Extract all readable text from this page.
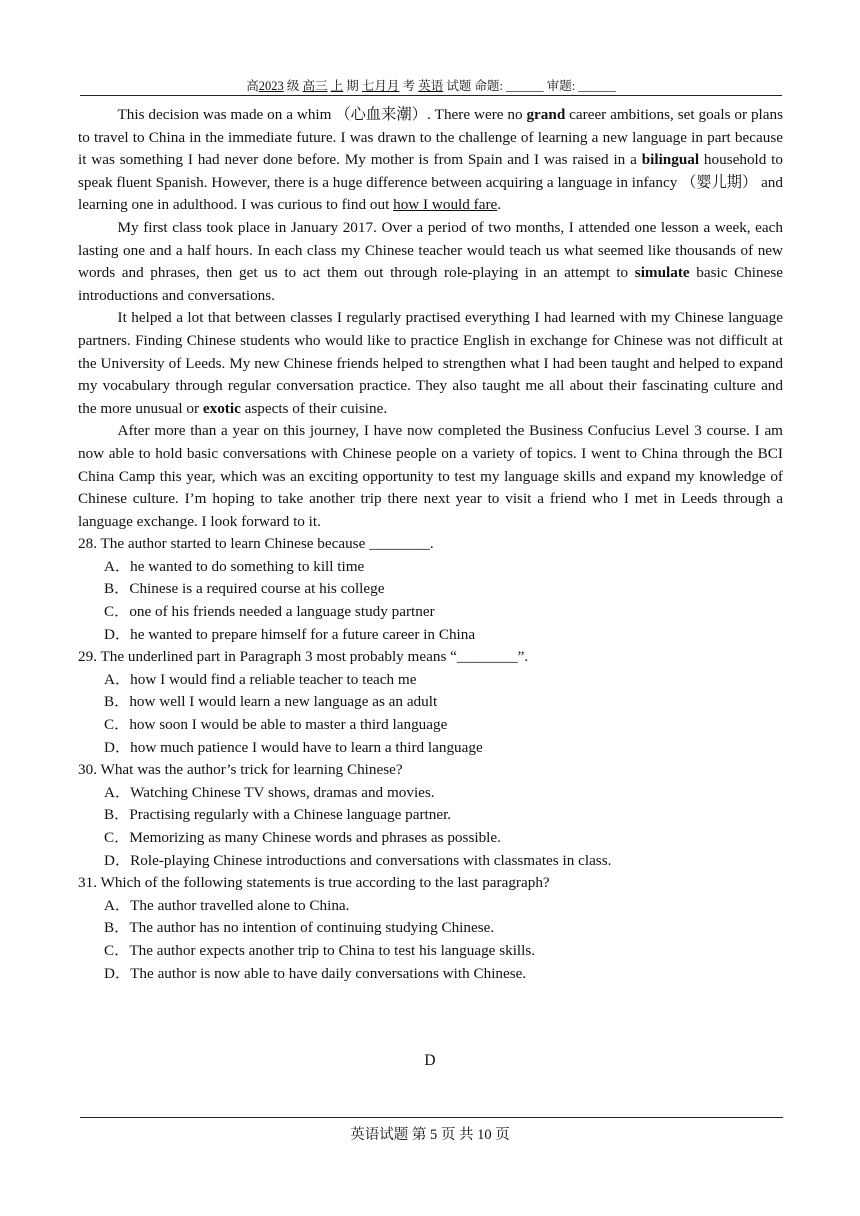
高2023 级 高三 上 期 七月月 考 英语 试题 命题: ______ 审题: ______

This decision was made on a whim （心血来潮）. There were no grand career ambitions, set goals or plans to travel to China in the immediate future. I was drawn to the challenge of learning a new language in part because it was something I had never done before. My mother is from Spain and I was raised in a bilingual household to speak fluent Spanish. However, there is a huge difference between acquiring a language in infancy （婴儿期） and learning one in adulthood. I was curious to find out how I would fare.

My first class took place in January 2017. Over a period of two months, I attended one lesson a week, each lasting one and a half hours. In each class my Chinese teacher would teach us what seemed like thousands of new words and phrases, then get us to act them out through role-playing in an attempt to simulate basic Chinese introductions and conversations.

It helped a lot that between classes I regularly practised everything I had learned with my Chinese language partners. Finding Chinese students who would like to practice English in exchange for Chinese was not difficult at the University of Leeds. My new Chinese friends helped to strengthen what I had been taught and helped to expand my vocabulary through regular conversation practice. They also taught me all about their fascinating culture and the more unusual or exotic aspects of their cuisine.

After more than a year on this journey, I have now completed the Business Confucius Level 3 course. I am now able to hold basic conversations with Chinese people on a variety of topics. I went to China through the BCI China Camp this year, which was an exciting opportunity to test my language skills and expand my knowledge of Chinese culture. I’m hoping to take another trip there next year to visit a friend who I met in Leeds through a language exchange. I look forward to it.

28. The author started to learn Chinese because ________.

A．he wanted to do something to kill time

B．Chinese is a required course at his college

C．one of his friends needed a language study partner

D．he wanted to prepare himself for a future career in China

29. The underlined part in Paragraph 3 most probably means “________”.

A．how I would find a reliable teacher to teach me

B．how well I would learn a new language as an adult

C．how soon I would be able to master a third language

D．how much patience I would have to learn a third language

30. What was the author’s trick for learning Chinese?

A．Watching Chinese TV shows, dramas and movies.

B．Practising regularly with a Chinese language partner.

C．Memorizing as many Chinese words and phrases as possible.

D．Role-playing Chinese introductions and conversations with classmates in class.

31. Which of the following statements is true according to the last paragraph?

A．The author travelled alone to China.

B．The author has no intention of continuing studying Chinese.

C．The author expects another trip to China to test his language skills.

D．The author is now able to have daily conversations with Chinese.

D
英语试题 第 5 页 共 10 页
